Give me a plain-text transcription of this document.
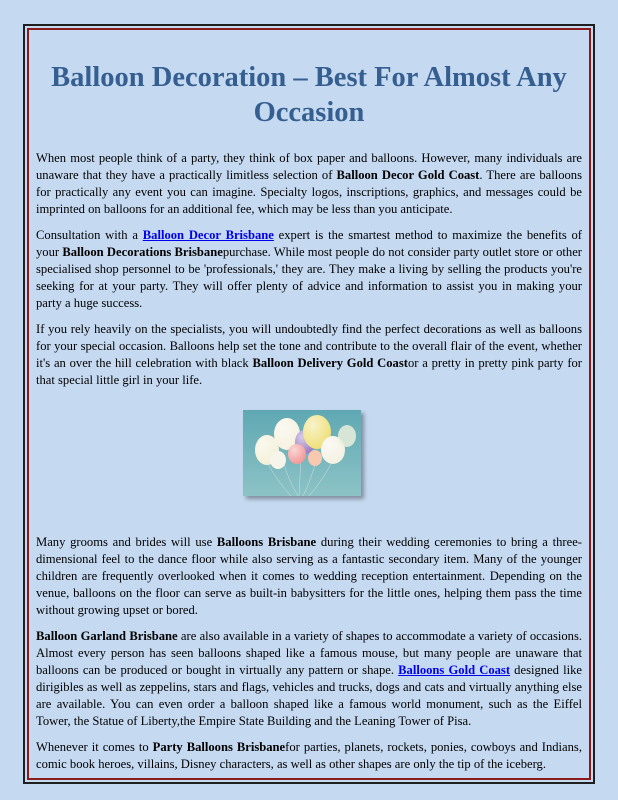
Balloon Decoration – Best For Almost Any Occasion

When most people think of a party, they think of box paper and balloons. However, many individuals are unaware that they have a practically limitless selection of Balloon Decor Gold Coast. There are balloons for practically any event you can imagine. Specialty logos, inscriptions, graphics, and messages could be imprinted on balloons for an additional fee, which may be less than you anticipate.

Consultation with a Balloon Decor Brisbane expert is the smartest method to maximize the benefits of your Balloon Decorations Brisbanepurchase. While most people do not consider party outlet store or other specialised shop personnel to be 'professionals,' they are. They make a living by selling the products you're seeking for at your party. They will offer plenty of advice and information to assist you in making your party a huge success.

If you rely heavily on the specialists, you will undoubtedly find the perfect decorations as well as balloons for your special occasion. Balloons help set the tone and contribute to the overall flair of the event, whether it's an over the hill celebration with black Balloon Delivery Gold Coastor a pretty in pretty pink party for that special little girl in your life.

Many grooms and brides will use Balloons Brisbane during their wedding ceremonies to bring a three-dimensional feel to the dance floor while also serving as a fantastic secondary item. Many of the younger children are frequently overlooked when it comes to wedding reception entertainment. Depending on the venue, balloons on the floor can serve as built-in babysitters for the little ones, helping them pass the time without growing upset or bored.

Balloon Garland Brisbane are also available in a variety of shapes to accommodate a variety of occasions. Almost every person has seen balloons shaped like a famous mouse, but many people are unaware that balloons can be produced or bought in virtually any pattern or shape. Balloons Gold Coast designed like dirigibles as well as zeppelins, stars and flags, vehicles and trucks, dogs and cats and virtually anything else are available. You can even order a balloon shaped like a famous world monument, such as the Eiffel Tower, the Statue of Liberty,the Empire State Building and the Leaning Tower of Pisa.

Whenever it comes to Party Balloons Brisbanefor parties, planets, rockets, ponies, cowboys and Indians, comic book heroes, villains, Disney characters, as well as other shapes are only the tip of the iceberg.
